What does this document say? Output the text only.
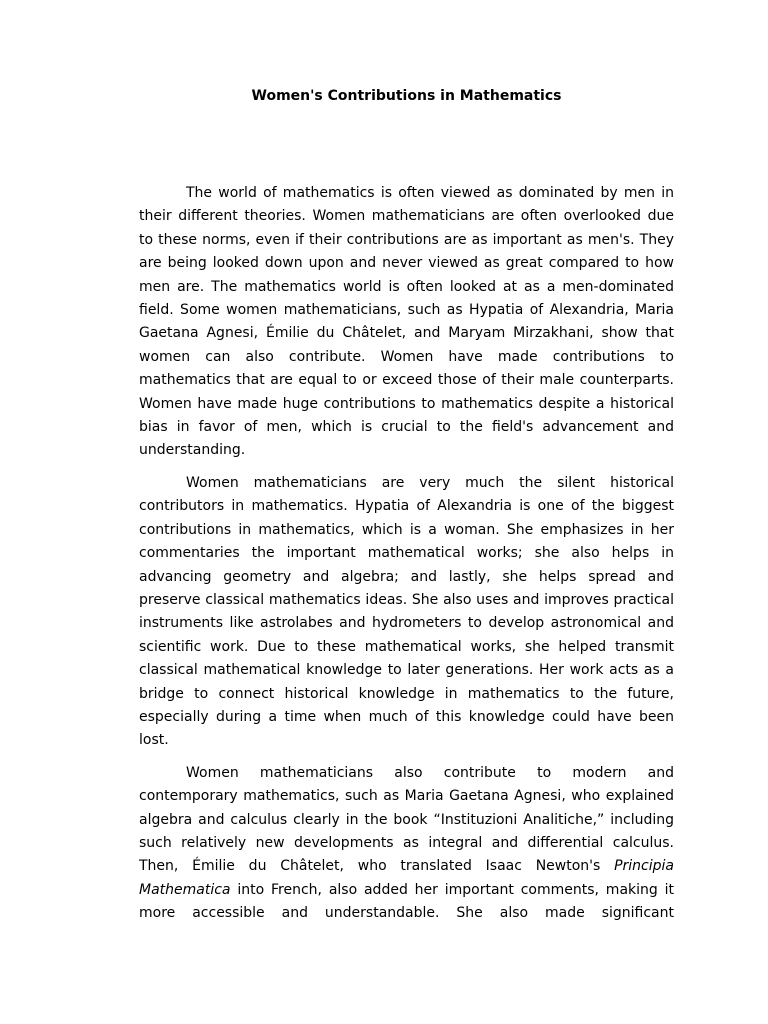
Women's Contributions in Mathematics

The world of mathematics is often viewed as dominated by men in their different theories. Women mathematicians are often overlooked due to these norms, even if their contributions are as important as men's. They are being looked down upon and never viewed as great compared to how men are. The mathematics world is often looked at as a men-dominated field. Some women mathematicians, such as Hypatia of Alexandria, Maria Gaetana Agnesi, Émilie du Châtelet, and Maryam Mirzakhani, show that women can also contribute. Women have made contributions to mathematics that are equal to or exceed those of their male counterparts. Women have made huge contributions to mathematics despite a historical bias in favor of men, which is crucial to the field's advancement and understanding.

Women mathematicians are very much the silent historical contributors in mathematics. Hypatia of Alexandria is one of the biggest contributions in mathematics, which is a woman. She emphasizes in her commentaries the important mathematical works; she also helps in advancing geometry and algebra; and lastly, she helps spread and preserve classical mathematics ideas. She also uses and improves practical instruments like astrolabes and hydrometers to develop astronomical and scientific work. Due to these mathematical works, she helped transmit classical mathematical knowledge to later generations. Her work acts as a bridge to connect historical knowledge in mathematics to the future, especially during a time when much of this knowledge could have been lost.

Women mathematicians also contribute to modern and contemporary mathematics, such as Maria Gaetana Agnesi, who explained algebra and calculus clearly in the book “Instituzioni Analitiche,” including such relatively new developments as integral and differential calculus. Then, Émilie du Châtelet, who translated Isaac Newton's Principia Mathematica into French, also added her important comments, making it more accessible and understandable. She also made significant
